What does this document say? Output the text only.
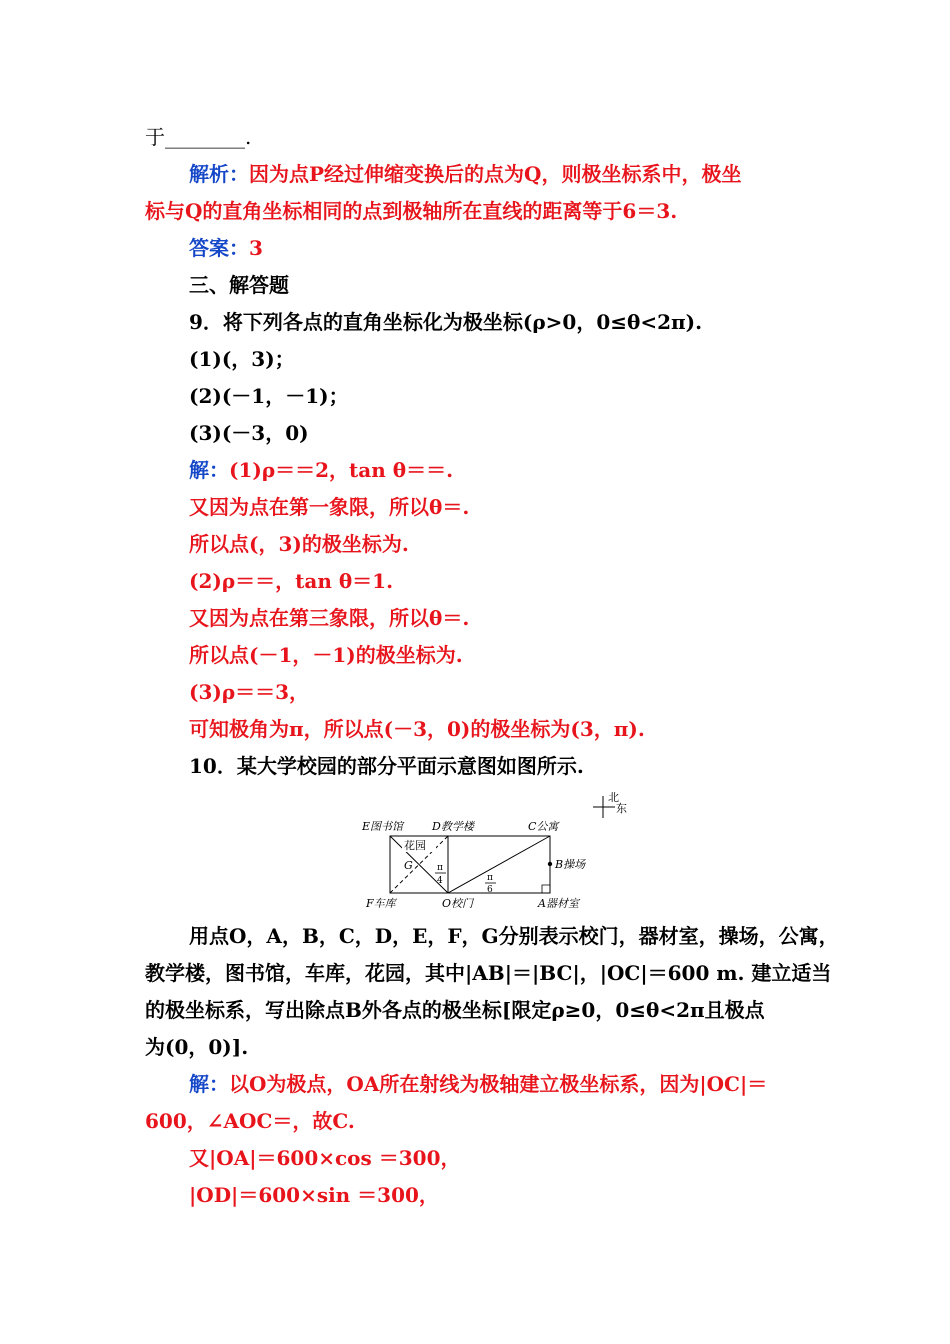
于________.
解析：因为点P经过伸缩变换后的点为Q，则极坐标系中，极坐
标与Q的直角坐标相同的点到极轴所在直线的距离等于6＝3.
答案：3
三、解答题
9．将下列各点的直角坐标化为极坐标(ρ>0，0≤θ<2π).
(1)(，3)；
(2)(－1，－1)；
(3)(－3，0)
解：(1)ρ＝＝2，tan θ＝＝.
又因为点在第一象限，所以θ＝.
所以点(，3)的极坐标为.
(2)ρ＝＝，tan θ＝1.
又因为点在第三象限，所以θ＝.
所以点(－1，－1)的极坐标为.
(3)ρ＝＝3，
可知极角为π，所以点(－3，0)的极坐标为(3，π).
10．某大学校园的部分平面示意图如图所示.
北
东
E图书馆	D教学楼	C公寓
花园
G	π
4	π
6
B操场
F车库	O校门	A器材室
用点O，A，B，C，D，E，F，G分别表示校门，器材室，操场，公寓，
教学楼，图书馆，车库，花园，其中|AB|＝|BC|，|OC|＝600 m. 建立适当
的极坐标系，写出除点B外各点的极坐标[限定ρ≥0，0≤θ<2π且极点
为(0，0)].
解：以O为极点，OA所在射线为极轴建立极坐标系，因为|OC|＝
600，∠AOC＝，故C.
又|OA|＝600×cos ＝300，
|OD|＝600×sin ＝300，
